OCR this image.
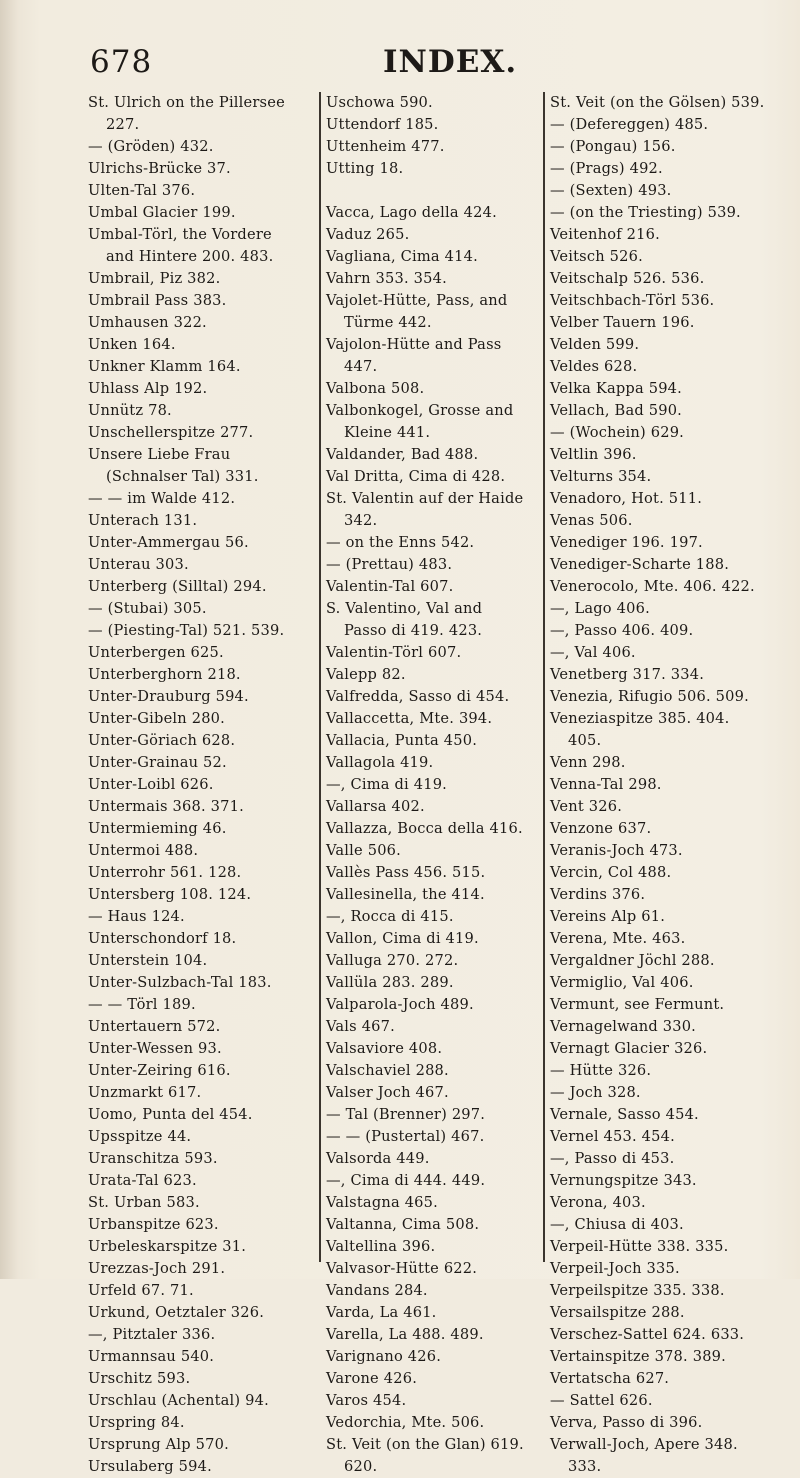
678	INDEX.
St. Ulrich on the Pillersee
227.
— (Gröden) 432.
Ulrichs-Brücke 37.
Ulten-Tal 376.
Umbal Glacier 199.
Umbal-Törl, the Vordere
and Hintere 200. 483.
Umbrail, Piz 382.
Umbrail Pass 383.
Umhausen 322.
Unken 164.
Unkner Klamm 164.
Uhlass Alp 192.
Unnütz 78.
Unschellerspitze 277.
Unsere Liebe Frau
(Schnalser Tal) 331.
— — im Walde 412.
Unterach 131.
Unter-Ammergau 56.
Unterau 303.
Unterberg (Silltal) 294.
— (Stubai) 305.
— (Piesting-Tal) 521. 539.
Unterbergen 625.
Unterberghorn 218.
Unter-Drauburg 594.
Unter-Gibeln 280.
Unter-Göriach 628.
Unter-Grainau 52.
Unter-Loibl 626.
Untermais 368. 371.
Untermieming 46.
Untermoi 488.
Unterrohr 561. 128.
Untersberg 108. 124.
— Haus 124.
Unterschondorf 18.
Unterstein 104.
Unter-Sulzbach-Tal 183.
— — Törl 189.
Untertauern 572.
Unter-Wessen 93.
Unter-Zeiring 616.
Unzmarkt 617.
Uomo, Punta del 454.
Upsspitze 44.
Uranschitza 593.
Urata-Tal 623.
St. Urban 583.
Urbanspitze 623.
Urbeleskarspitze 31.
Urezzas-Joch 291.
Urfeld 67. 71.
Urkund, Oetztaler 326.
—, Pitztaler 336.
Urmannsau 540.
Urschitz 593.
Urschlau (Achental) 94.
Urspring 84.
Ursprung Alp 570.
Ursulaberg 594.
Uschowa 590.
Uttendorf 185.
Uttenheim 477.
Utting 18.
Vacca, Lago della 424.
Vaduz 265.
Vagliana, Cima 414.
Vahrn 353. 354.
Vajolet-Hütte, Pass, and
Türme 442.
Vajolon-Hütte and Pass
447.
Valbona 508.
Valbonkogel, Grosse and
Kleine 441.
Valdander, Bad 488.
Val Dritta, Cima di 428.
St. Valentin auf der Haide
342.
— on the Enns 542.
— (Prettau) 483.
Valentin-Tal 607.
S. Valentino, Val and
Passo di 419. 423.
Valentin-Törl 607.
Valepp 82.
Valfredda, Sasso di 454.
Vallaccetta, Mte. 394.
Vallacia, Punta 450.
Vallagola 419.
—, Cima di 419.
Vallarsa 402.
Vallazza, Bocca della 416.
Valle 506.
Vallès Pass 456. 515.
Vallesinella, the 414.
—, Rocca di 415.
Vallon, Cima di 419.
Valluga 270. 272.
Vallüla 283. 289.
Valparola-Joch 489.
Vals 467.
Valsaviore 408.
Valschaviel 288.
Valser Joch 467.
— Tal (Brenner) 297.
— — (Pustertal) 467.
Valsorda 449.
—, Cima di 444. 449.
Valstagna 465.
Valtanna, Cima 508.
Valtellina 396.
Valvasor-Hütte 622.
Vandans 284.
Varda, La 461.
Varella, La 488. 489.
Varignano 426.
Varone 426.
Varos 454.
Vedorchia, Mte. 506.
St. Veit (on the Glan) 619.
620.
St. Veit (on the Gölsen) 539.
— (Defereggen) 485.
— (Pongau) 156.
— (Prags) 492.
— (Sexten) 493.
— (on the Triesting) 539.
Veitenhof 216.
Veitsch 526.
Veitschalp 526. 536.
Veitschbach-Törl 536.
Velber Tauern 196.
Velden 599.
Veldes 628.
Velka Kappa 594.
Vellach, Bad 590.
— (Wochein) 629.
Veltlin 396.
Velturns 354.
Venadoro, Hot. 511.
Venas 506.
Venediger 196. 197.
Venediger-Scharte 188.
Venerocolo, Mte. 406. 422.
—, Lago 406.
—, Passo 406. 409.
—, Val 406.
Venetberg 317. 334.
Venezia, Rifugio 506. 509.
Veneziaspitze 385. 404.
405.
Venn 298.
Venna-Tal 298.
Vent 326.
Venzone 637.
Veranis-Joch 473.
Vercin, Col 488.
Verdins 376.
Vereins Alp 61.
Verena, Mte. 463.
Vergaldner Jöchl 288.
Vermiglio, Val 406.
Vermunt, see Fermunt.
Vernagelwand 330.
Vernagt Glacier 326.
— Hütte 326.
— Joch 328.
Vernale, Sasso 454.
Vernel 453. 454.
—, Passo di 453.
Vernungspitze 343.
Verona, 403.
—, Chiusa di 403.
Verpeil-Hütte 338. 335.
Verpeil-Joch 335.
Verpeilspitze 335. 338.
Versailspitze 288.
Verschez-Sattel 624. 633.
Vertainspitze 378. 389.
Vertatscha 627.
— Sattel 626.
Verva, Passo di 396.
Verwall-Joch, Apere 348.
333.
